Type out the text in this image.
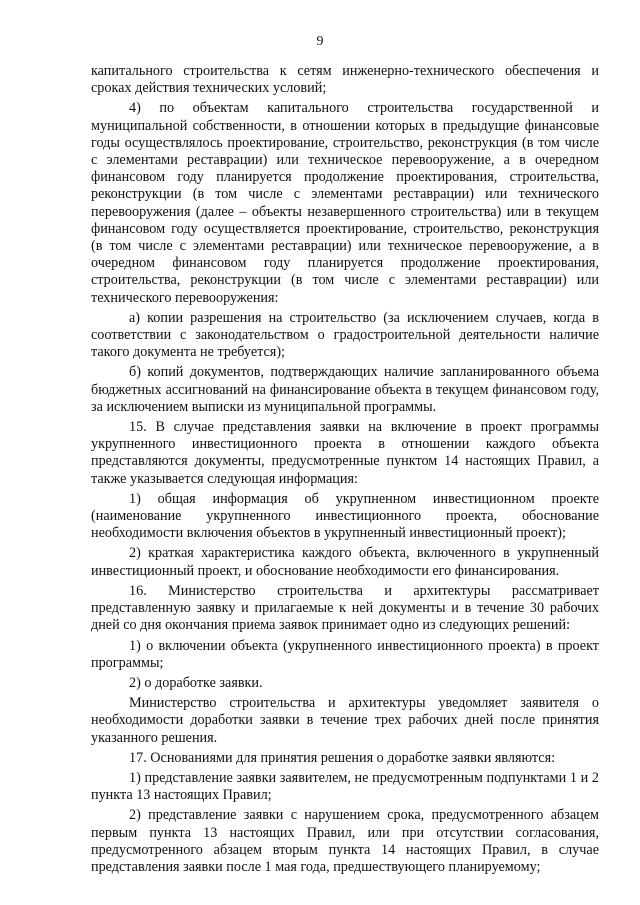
9

капитального строительства к сетям инженерно-технического обеспечения и сроках действия технических условий;

4) по объектам капитального строительства государственной и муниципальной собственности, в отношении которых в предыдущие финансовые годы осуществлялось проектирование, строительство, реконструкция (в том числе с элементами реставрации) или техническое перевооружение, а в очередном финансовом году планируется продолжение проектирования, строительства, реконструкции (в том числе с элементами реставрации) или технического перевооружения (далее – объекты незавершенного строительства) или в текущем финансовом году осуществляется проектирование, строительство, реконструкция (в том числе с элементами реставрации) или техническое перевооружение, а в очередном финансовом году планируется продолжение проектирования, строительства, реконструкции (в том числе с элементами реставрации) или технического перевооружения:

а) копии разрешения на строительство (за исключением случаев, когда в соответствии с законодательством о градостроительной деятельности наличие такого документа не требуется);

б) копий документов, подтверждающих наличие запланированного объема бюджетных ассигнований на финансирование объекта в текущем финансовом году, за исключением выписки из муниципальной программы.

15. В случае представления заявки на включение в проект программы укрупненного инвестиционного проекта в отношении каждого объекта представляются документы, предусмотренные пунктом 14 настоящих Правил, а также указывается следующая информация:

1) общая информация об укрупненном инвестиционном проекте (наименование укрупненного инвестиционного проекта, обоснование необходимости включения объектов в укрупненный инвестиционный проект);

2) краткая характеристика каждого объекта, включенного в укрупненный инвестиционный проект, и обоснование необходимости его финансирования.

16. Министерство строительства и архитектуры рассматривает представленную заявку и прилагаемые к ней документы и в течение 30 рабочих дней со дня окончания приема заявок принимает одно из следующих решений:

1) о включении объекта (укрупненного инвестиционного проекта) в проект программы;

2) о доработке заявки.

Министерство строительства и архитектуры уведомляет заявителя о необходимости доработки заявки в течение трех рабочих дней после принятия указанного решения.

17. Основаниями для принятия решения о доработке заявки являются:

1) представление заявки заявителем, не предусмотренным подпунктами 1 и 2 пункта 13 настоящих Правил;

2) представление заявки с нарушением срока, предусмотренного абзацем первым пункта 13 настоящих Правил, или при отсутствии согласования, предусмотренного абзацем вторым пункта 14 настоящих Правил, в случае представления заявки после 1 мая года, предшествующего планируемому;
